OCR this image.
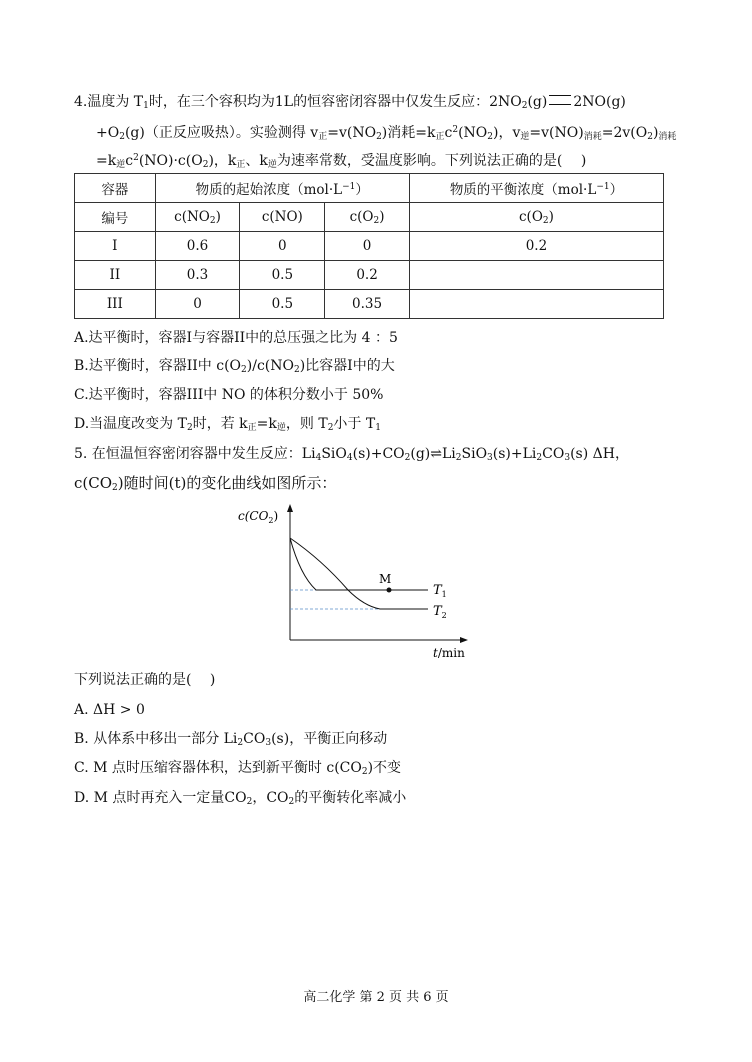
4.温度为 $T_1$时，在三个容积均为1L的恒容密闭容器中仅发生反应：$2NO_2(g)$ 2NO(g)
$+O_2(g)$（正反应吸热）。实验测得 $v_正=v(NO_2)$消耗$=k_正c^2(NO_2)$，$v_逆=v(NO)_{消耗}=2v(O_2)_{消耗}$
$=k_逆c^2(NO)\cdot c(O_2)$，$k_正$、$k_逆$为速率常数，受温度影响。下列说法正确的是(　 )
容器	物质的起始浓度$(mol\cdot L^{-1})$			物质的平衡浓度$(mol\cdot L^{-1})$
编号	$c(NO_2)$	c(NO)	$c(O_2)$	$c(O_2)$
I	0.6	0	0	0.2
II	0.3	0.5	0.2	
III	0	0.5	0.35	
A.达平衡时，容器I与容器II中的总压强之比为 4 ：5
B.达平衡时，容器II中 $c(O_2)/c(NO_2)$比容器I中的大
C.达平衡时，容器III中 NO 的体积分数小于 50%
D.当温度改变为 $T_2$时，若 $k_正=k_逆$，则 $T_2$小于 $T_1$
5. 在恒温恒容密闭容器中发生反应：$Li_4SiO_4(s)+CO_2(g)\rightleftharpoons Li_2SiO_3(s)+Li_2CO_3(s)$ ΔH，
$c(CO_2)$随时间(t)的变化曲线如图所示：
$c(CO_2)$
t/min
M
$T_1$
$T_2$
下列说法正确的是(　 )
A. ΔH > 0
B. 从体系中移出一部分 $Li_2CO_3(s)$，平衡正向移动
C. M 点时压缩容器体积，达到新平衡时 $c(CO_2)$不变
D. M 点时再充入一定量$CO_2$，$CO_2$的平衡转化率减小
高二化学 第 2 页 共 6 页
